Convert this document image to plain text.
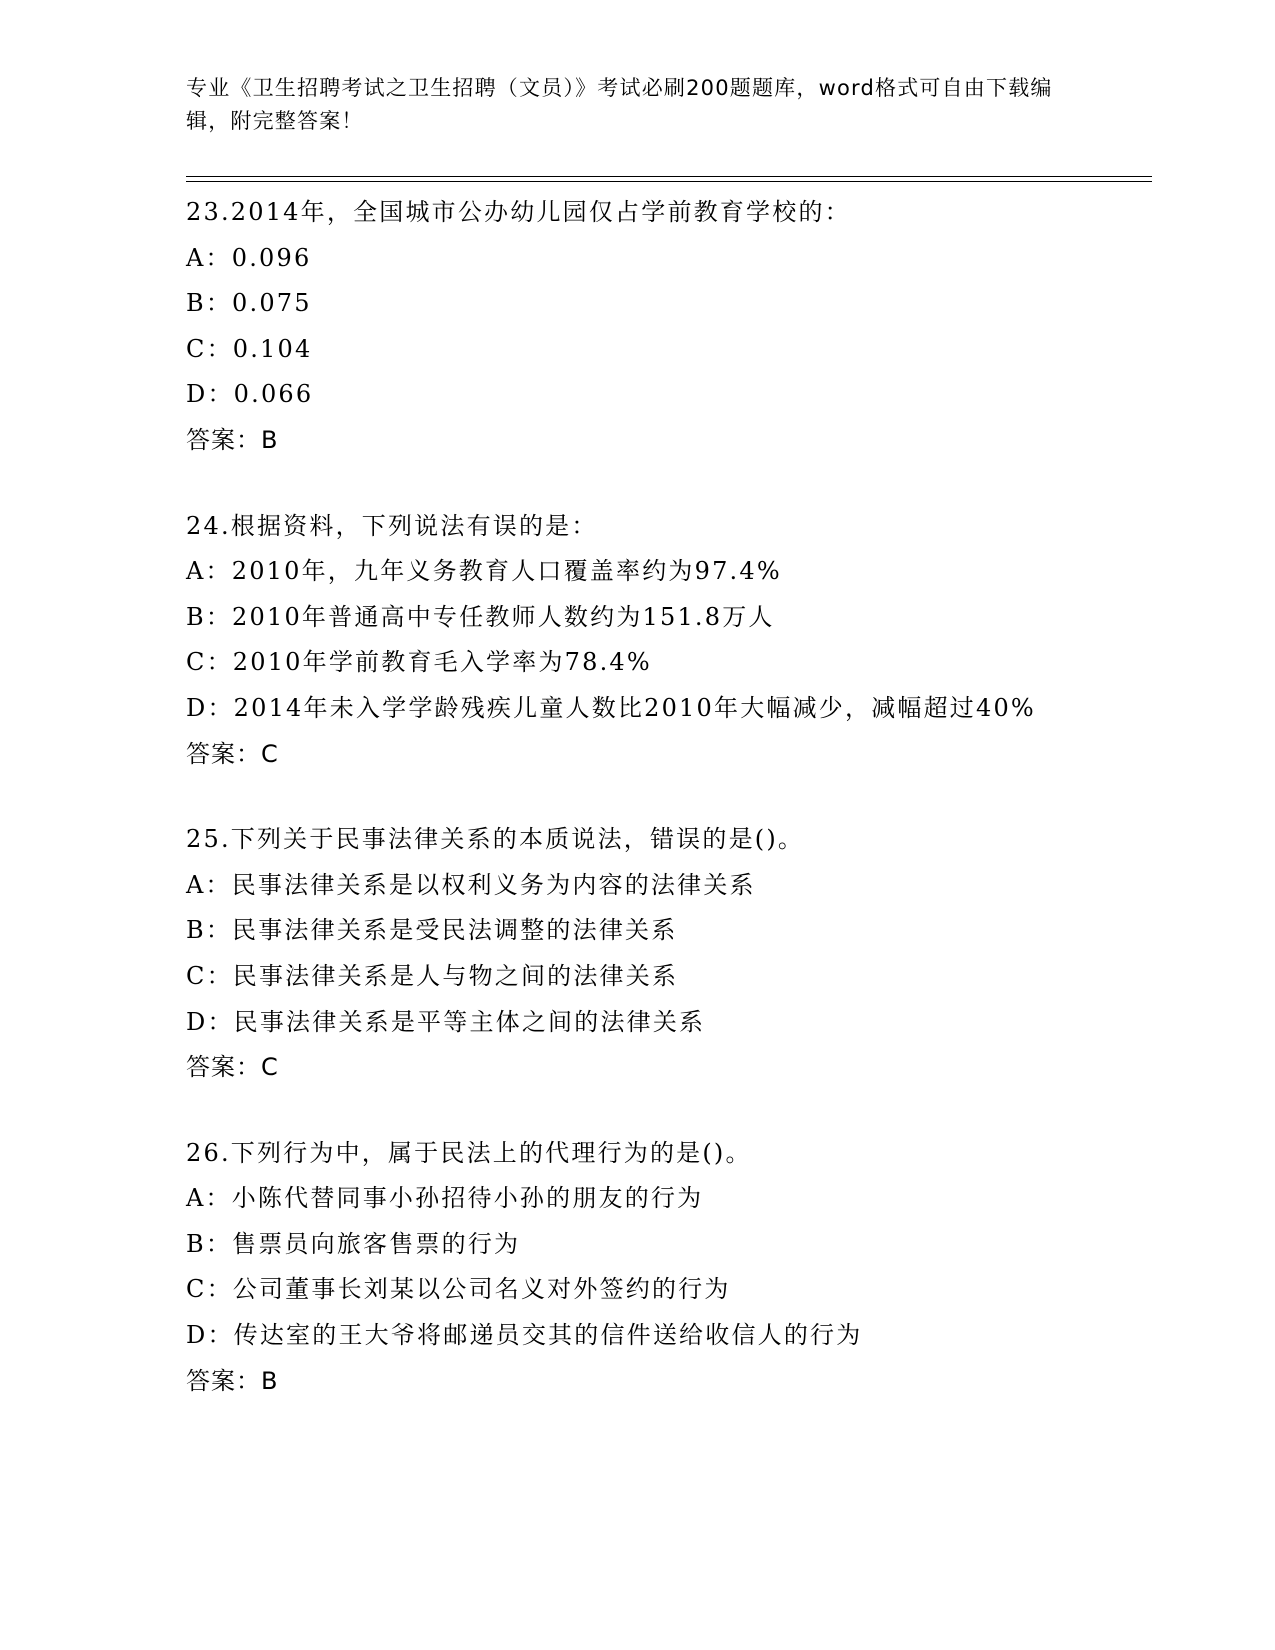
专业《卫生招聘考试之卫生招聘（文员）》考试必刷200题题库，word格式可自由下载编辑，附完整答案！
23.2014年，全国城市公办幼儿园仅占学前教育学校的：
A：0.096
B：0.075
C：0.104
D：0.066
答案：B
24.根据资料，下列说法有误的是：
A：2010年，九年义务教育人口覆盖率约为97.4%
B：2010年普通高中专任教师人数约为151.8万人
C：2010年学前教育毛入学率为78.4%
D：2014年未入学学龄残疾儿童人数比2010年大幅减少，减幅超过40%
答案：C
25.下列关于民事法律关系的本质说法，错误的是()。
A：民事法律关系是以权利义务为内容的法律关系
B：民事法律关系是受民法调整的法律关系
C：民事法律关系是人与物之间的法律关系
D：民事法律关系是平等主体之间的法律关系
答案：C
26.下列行为中，属于民法上的代理行为的是()。
A：小陈代替同事小孙招待小孙的朋友的行为
B：售票员向旅客售票的行为
C：公司董事长刘某以公司名义对外签约的行为
D：传达室的王大爷将邮递员交其的信件送给收信人的行为
答案：B
